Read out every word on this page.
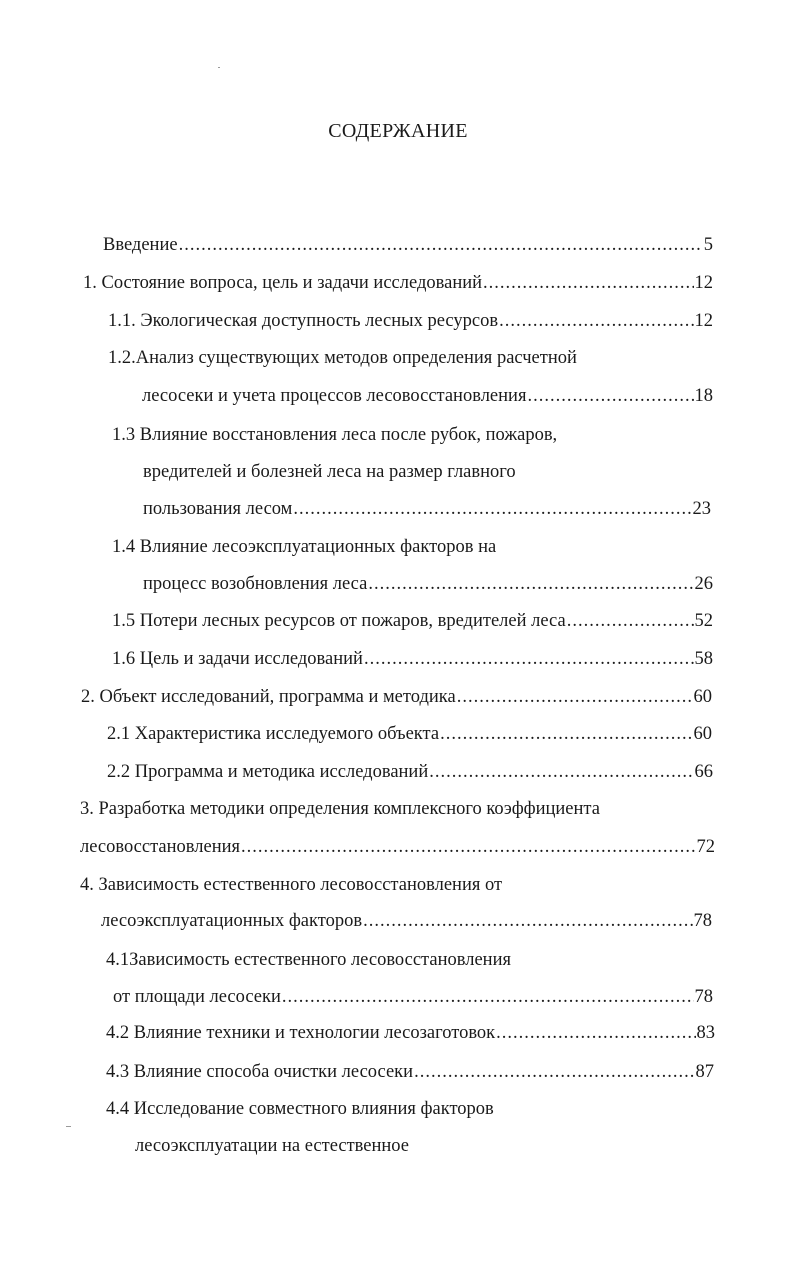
СОДЕРЖАНИЕ
Введение .....	5
1. Состояние вопроса, цель и задачи исследований .....	12
1.1. Экологическая доступность лесных ресурсов .....	12
1.2.Анализ существующих методов определения расчетной
лесосеки и учета процессов лесовосстановления .....	18
1.3 Влияние восстановления леса после рубок, пожаров,
вредителей и болезней леса на размер главного
пользования лесом .....	23
1.4 Влияние лесоэксплуатационных факторов на
процесс возобновления леса .....	26
1.5 Потери лесных ресурсов от пожаров, вредителей леса .....	52
1.6 Цель и задачи исследований .....	58
2. Объект исследований, программа и методика .....	60
2.1 Характеристика исследуемого объекта .....	60
2.2 Программа и методика исследований .....	66
3. Разработка методики определения комплексного коэффициента
лесовосстановления .....	72
4. Зависимость естественного лесовосстановления от
лесоэксплуатационных факторов .....	78
4.1Зависимость естественного лесовосстановления
от площади лесосеки .....	78
4.2 Влияние техники и технологии лесозаготовок .....	83
4.3 Влияние способа очистки лесосеки .....	87
4.4 Исследование совместного влияния факторов
лесоэксплуатации на естественное
